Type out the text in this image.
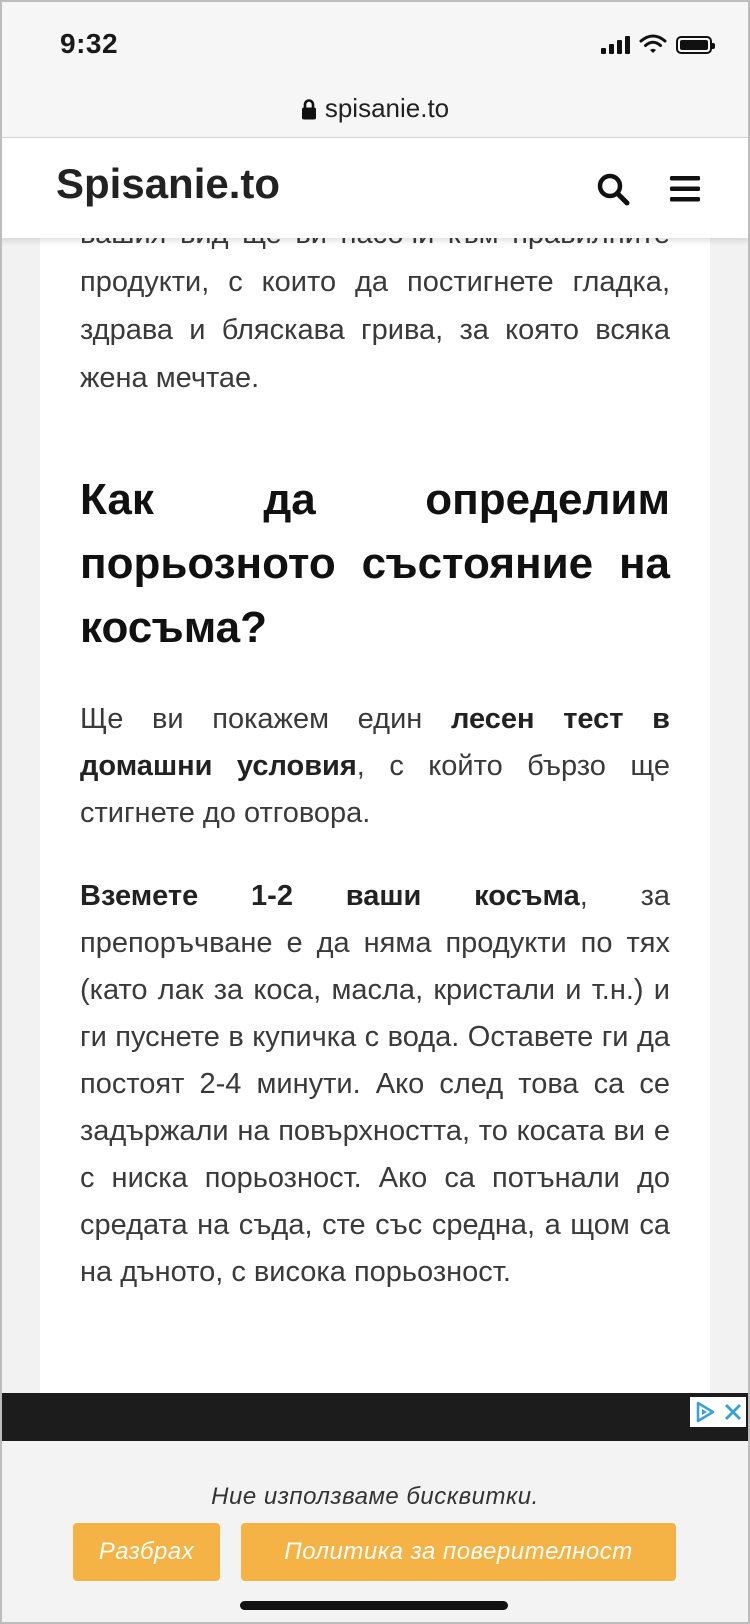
9:32
spisanie.to
Spisanie.to

продукти, с които да постигнете гладка, здрава и бляскава грива, за която всяка жена мечтае.

Как да определим порьозното състояние на косъма?

Ще ви покажем един лесен тест в домашни условия, с който бързо ще стигнете до отговора.

Вземете 1-2 ваши косъма, за препоръчване е да няма продукти по тях (като лак за коса, масла, кристали и т.н.) и ги пуснете в купичка с вода. Оставете ги да постоят 2-4 минути. Ако след това са се задържали на повърхността, то косата ви е с ниска порьозност. Ако са потънали до средата на съда, сте със средна, а щом са на дъното, с висока порьозност.

Ние използваме бисквитки.
Разбрах	Политика за поверителност
